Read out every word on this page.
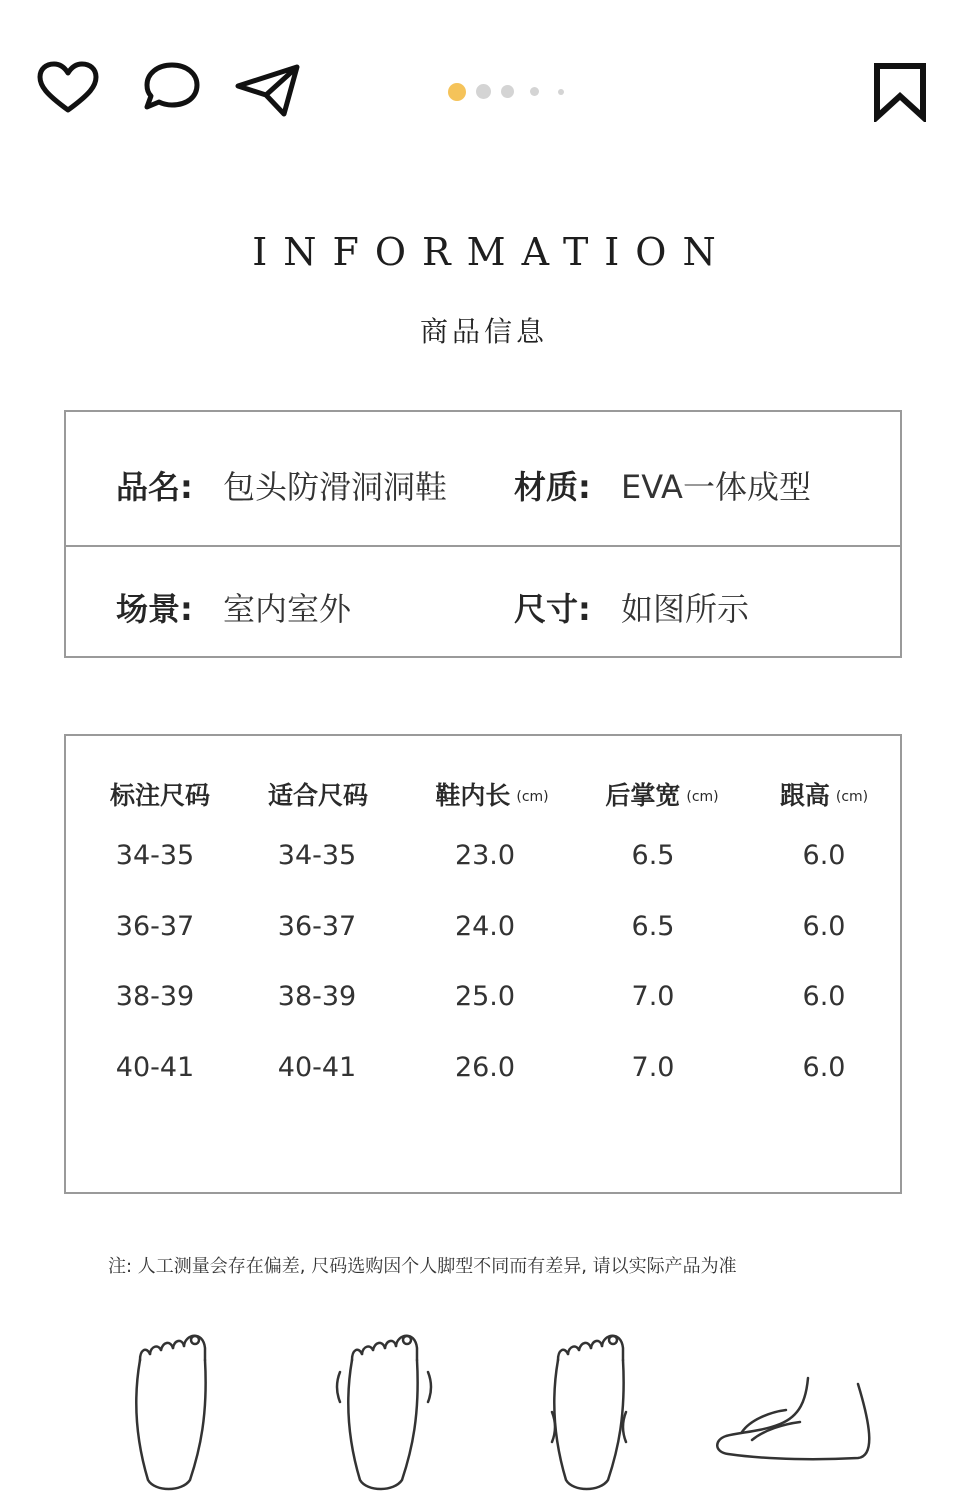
INFORMATION
商品信息
品名: 包头防滑洞洞鞋 材质: EVA一体成型
场景: 室内室外	尺寸: 如图所示
标注尺码 适合尺码	鞋内长 (cm) 后掌宽 (cm) 跟高 (cm)
34-35	34-35	23.0	6.5	6.0
36-37	36-37	24.0	6.5	6.0
38-39	38-39	25.0	7.0	6.0
40-41	40-41	26.0	7.0	6.0
注: 人工测量会存在偏差, 尺码选购因个人脚型不同而有差异, 请以实际产品为准
